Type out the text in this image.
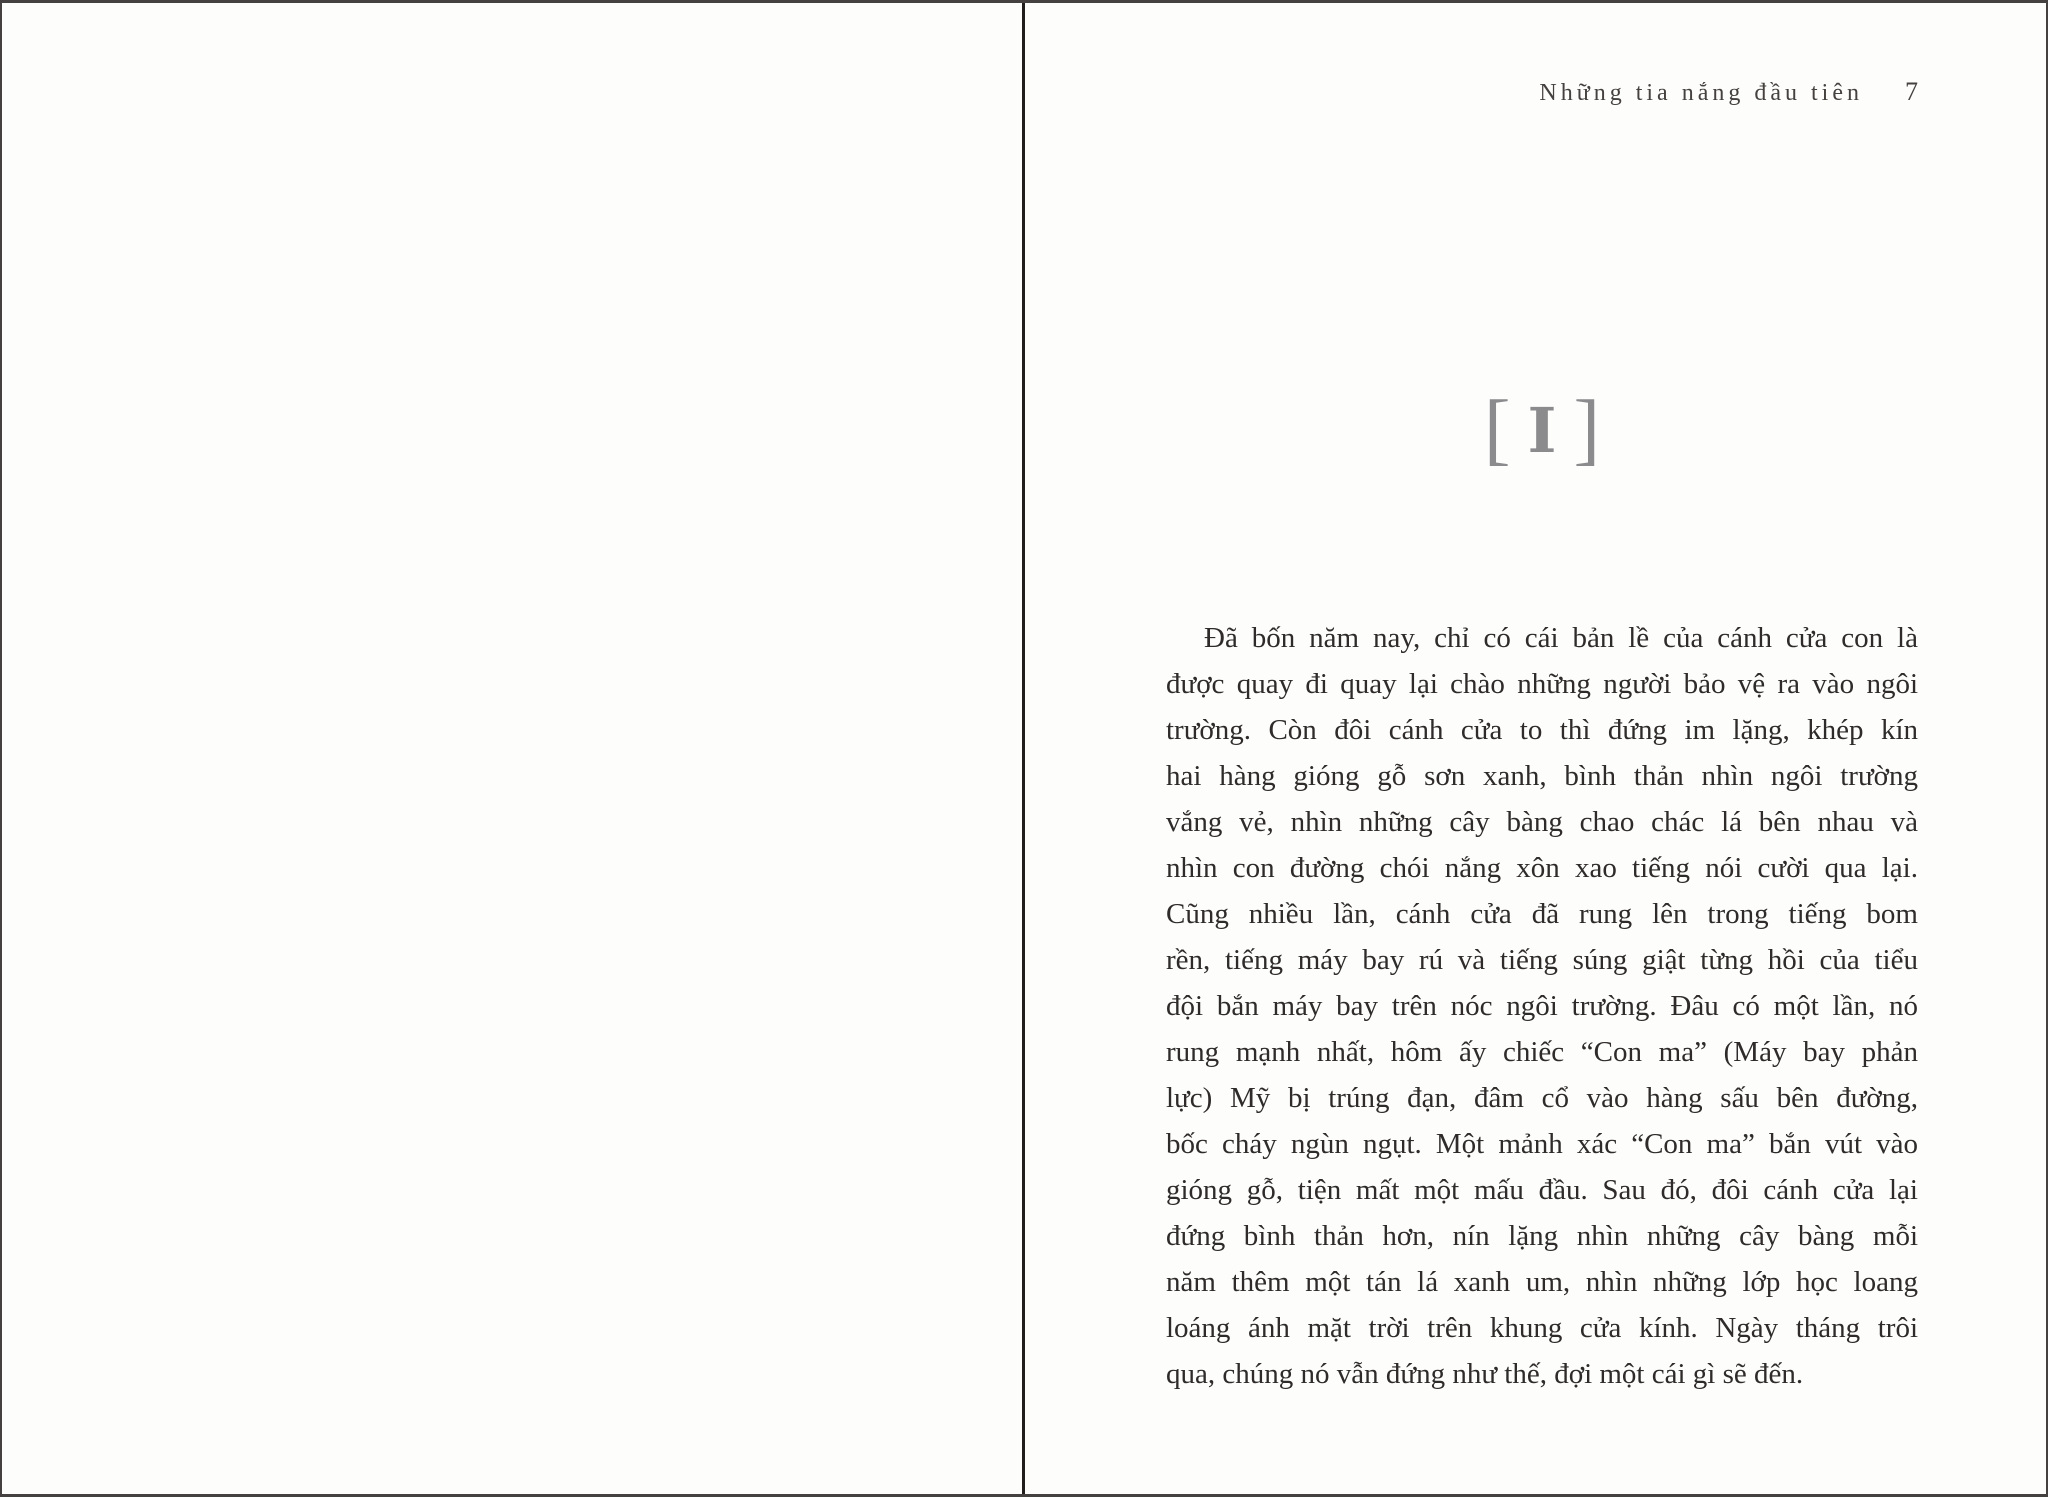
Những tia nắng đầu tiên 7
[ I ]
Đã bốn năm nay, chỉ có cái bản lề của cánh cửa con là
được quay đi quay lại chào những người bảo vệ ra vào ngôi
trường. Còn đôi cánh cửa to thì đứng im lặng, khép kín
hai hàng gióng gỗ sơn xanh, bình thản nhìn ngôi trường
vắng vẻ, nhìn những cây bàng chao chác lá bên nhau và
nhìn con đường chói nắng xôn xao tiếng nói cười qua lại.
Cũng nhiều lần, cánh cửa đã rung lên trong tiếng bom
rền, tiếng máy bay rú và tiếng súng giật từng hồi của tiểu
đội bắn máy bay trên nóc ngôi trường. Đâu có một lần, nó
rung mạnh nhất, hôm ấy chiếc “Con ma” (Máy bay phản
lực) Mỹ bị trúng đạn, đâm cổ vào hàng sấu bên đường,
bốc cháy ngùn ngụt. Một mảnh xác “Con ma” bắn vút vào
gióng gỗ, tiện mất một mấu đầu. Sau đó, đôi cánh cửa lại
đứng bình thản hơn, nín lặng nhìn những cây bàng mỗi
năm thêm một tán lá xanh um, nhìn những lớp học loang
loáng ánh mặt trời trên khung cửa kính. Ngày tháng trôi
qua, chúng nó vẫn đứng như thế, đợi một cái gì sẽ đến.
